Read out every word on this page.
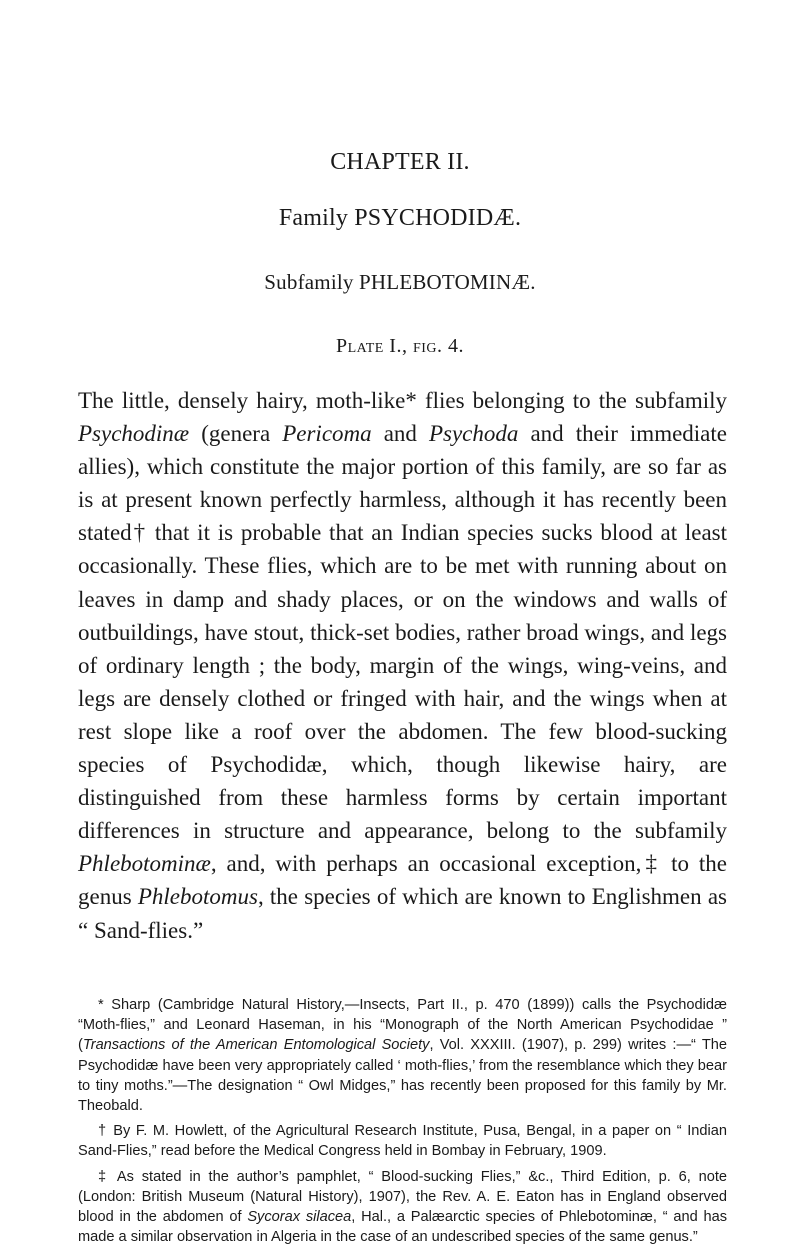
CHAPTER II.
Family PSYCHODIDÆ.
Subfamily PHLEBOTOMINÆ.
Plate I., fig. 4.

The little, densely hairy, moth-like* flies belonging to the subfamily Psychodinæ (genera Pericoma and Psychoda and their immediate allies), which constitute the major portion of this family, are so far as is at present known perfectly harmless, although it has recently been stated† that it is probable that an Indian species sucks blood at least occasionally. These flies, which are to be met with running about on leaves in damp and shady places, or on the windows and walls of outbuildings, have stout, thick-set bodies, rather broad wings, and legs of ordinary length ; the body, margin of the wings, wing-veins, and legs are densely clothed or fringed with hair, and the wings when at rest slope like a roof over the abdomen. The few blood-sucking species of Psychodidæ, which, though likewise hairy, are distinguished from these harmless forms by certain important differences in structure and appearance, belong to the subfamily Phlebotominæ, and, with perhaps an occasional exception,‡ to the genus Phlebotomus, the species of which are known to Englishmen as “ Sand-flies.”

* Sharp (Cambridge Natural History,—Insects, Part II., p. 470 (1899)) calls the Psychodidæ “Moth-flies,” and Leonard Haseman, in his “Monograph of the North American Psychodidae ” (Transactions of the American Entomological Society, Vol. XXXIII. (1907), p. 299) writes :—“ The Psychodidæ have been very appropriately called ‘ moth-flies,’ from the resemblance which they bear to tiny moths.”—The designation “ Owl Midges,” has recently been proposed for this family by Mr. Theobald.

† By F. M. Howlett, of the Agricultural Research Institute, Pusa, Bengal, in a paper on “ Indian Sand-Flies,” read before the Medical Congress held in Bombay in February, 1909.

‡ As stated in the author’s pamphlet, “ Blood-sucking Flies,” &c., Third Edition, p. 6, note (London: British Museum (Natural History), 1907), the Rev. A. E. Eaton has in England observed blood in the abdomen of Sycorax silacea, Hal., a Palæarctic species of Phlebotominæ, “ and has made a similar observation in Algeria in the case of an undescribed species of the same genus.”
